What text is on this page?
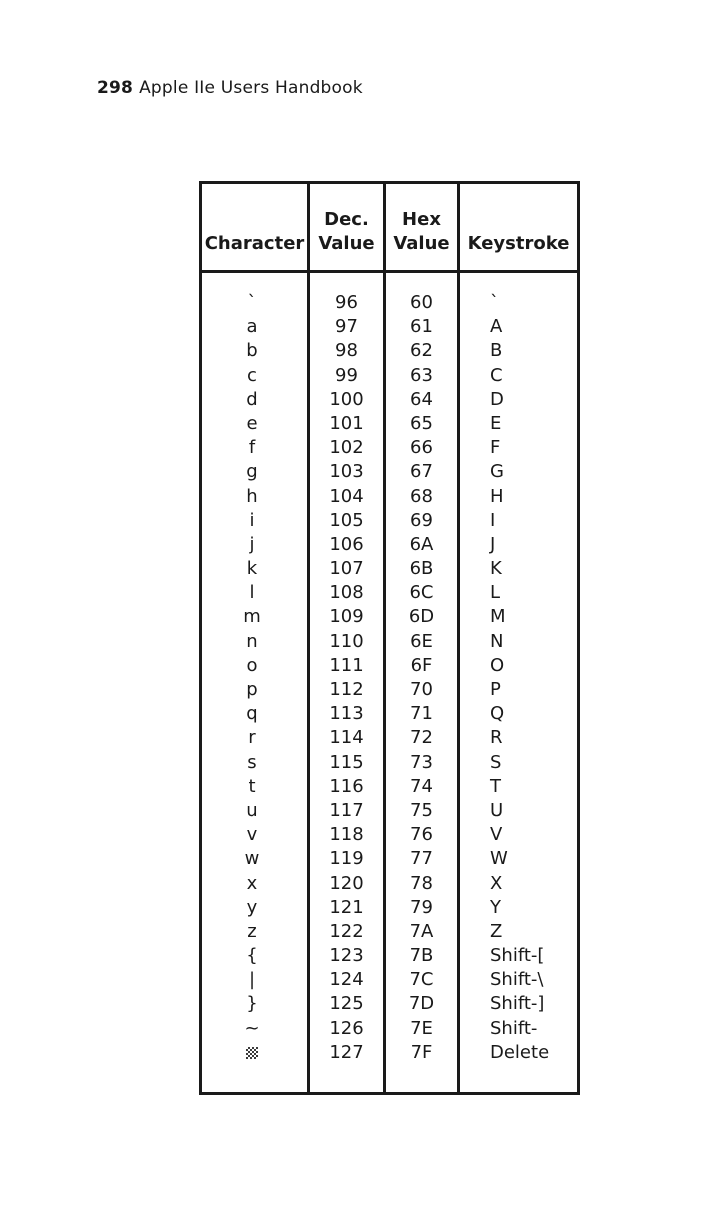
298 Apple IIe Users Handbook
Character
Dec.
Value
Hex
Value Keystroke
`
a
b
c
d
e
f
g
h
i
j
k
l
m
n
o
p
q
r
s
t
u
v
w
x
y
z
{
|
}
~
96
97
98
99
100
101
102
103
104
105
106
107
108
109
110
111
112
113
114
115
116
117
118
119
120
121
122
123
124
125
126
127
60
61
62
63
64
65
66
67
68
69
6A
6B
6C
6D
6E
6F
70
71
72
73
74
75
76
77
78
79
7A
7B
7C
7D
7E
7F
`
A
B
C
D
E
F
G
H
I
J
K
L
M
N
O
P
Q
R
S
T
U
V
W
X
Y
Z
Shift-[
Shift-\
Shift-]
Shift-
Delete
